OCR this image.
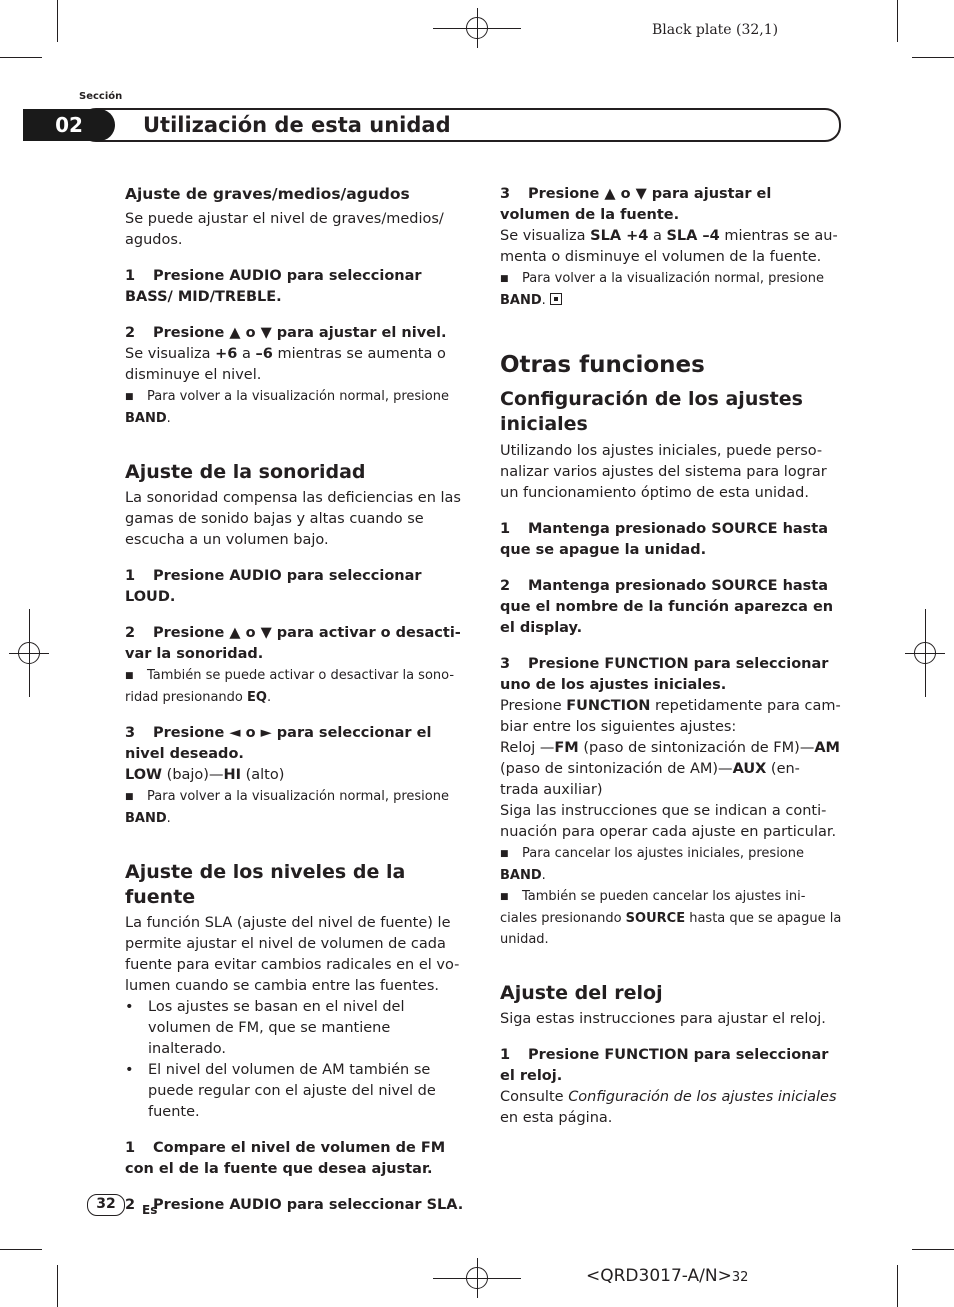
Black plate (32,1)
Sección
02	Utilización de esta unidad
Ajuste de graves/medios/agudos

Se puede ajustar el nivel de graves/medios/ agudos.

1 Presione AUDIO para seleccionar BASS/ MID/TREBLE.

2 Presione ▲ o ▼ para ajustar el nivel.

Se visualiza +6 a –6 mientras se aumenta o disminuye el nivel.

■ Para volver a la visualización normal, presione BAND.

Ajuste de la sonoridad

La sonoridad compensa las deficiencias en las gamas de sonido bajas y altas cuando se escucha a un volumen bajo.

1 Presione AUDIO para seleccionar LOUD.

2 Presione ▲ o ▼ para activar o desacti- var la sonoridad.

■ También se puede activar o desactivar la sono- ridad presionando EQ.

3 Presione ◄ o ► para seleccionar el nivel deseado.

LOW (bajo)—HI (alto)

■ Para volver a la visualización normal, presione BAND.

Ajuste de los niveles de la fuente

La función SLA (ajuste del nivel de fuente) le permite ajustar el nivel de volumen de cada fuente para evitar cambios radicales en el vo- lumen cuando se cambia entre las fuentes.

• Los ajustes se basan en el nivel del volumen de FM, que se mantiene inalterado.

• El nivel del volumen de AM también se puede regular con el ajuste del nivel de fuente.

1 Compare el nivel de volumen de FM con el de la fuente que desea ajustar.

2 Presione AUDIO para seleccionar SLA.

3 Presione ▲ o ▼ para ajustar el volumen de la fuente.

Se visualiza SLA +4 a SLA –4 mientras se au- menta o disminuye el volumen de la fuente.

■ Para volver a la visualización normal, presione BAND.

Otras funciones
Configuración de los ajustes iniciales

Utilizando los ajustes iniciales, puede perso- nalizar varios ajustes del sistema para lograr un funcionamiento óptimo de esta unidad.

1 Mantenga presionado SOURCE hasta que se apague la unidad.

2 Mantenga presionado SOURCE hasta que el nombre de la función aparezca en el display.

3 Presione FUNCTION para seleccionar uno de los ajustes iniciales.

Presione FUNCTION repetidamente para cam- biar entre los siguientes ajustes:

Reloj —FM (paso de sintonización de FM)—AM (paso de sintonización de AM)—AUX (en- trada auxiliar)

Siga las instrucciones que se indican a conti- nuación para operar cada ajuste en particular.

■ Para cancelar los ajustes iniciales, presione BAND.

■ También se pueden cancelar los ajustes ini- ciales presionando SOURCE hasta que se apague la unidad.

Ajuste del reloj

Siga estas instrucciones para ajustar el reloj.

1 Presione FUNCTION para seleccionar el reloj.

Consulte Configuración de los ajustes iniciales en esta página.

32	Es
<QRD3017-A/N>32
